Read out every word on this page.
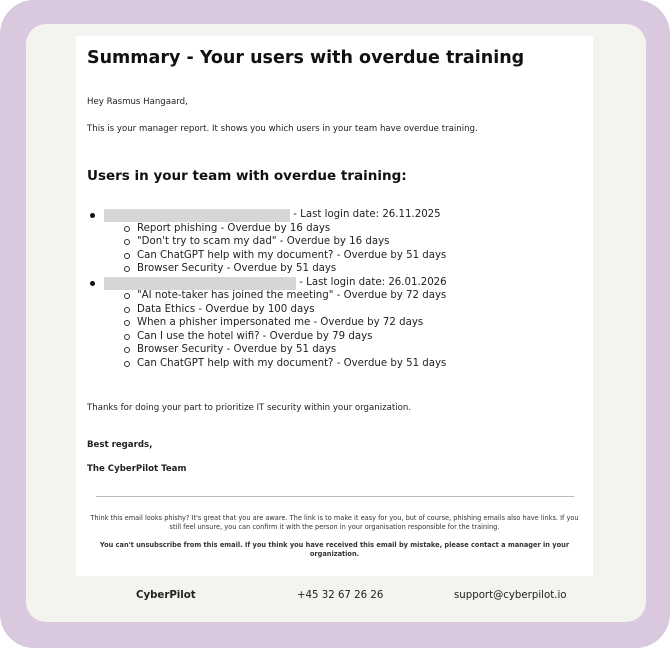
Summary - Your users with overdue training

Hey Rasmus Hangaard,

This is your manager report. It shows you which users in your team have overdue training.

Users in your team with overdue training:
- Last login date: 26.11.2025
Report phishing - Overdue by 16 days
"Don't try to scam my dad" - Overdue by 16 days
Can ChatGPT help with my document? - Overdue by 51 days
Browser Security - Overdue by 51 days
- Last login date: 26.01.2026
"AI note-taker has joined the meeting" - Overdue by 72 days
Data Ethics - Overdue by 100 days
When a phisher impersonated me - Overdue by 72 days
Can I use the hotel wifi? - Overdue by 79 days
Browser Security - Overdue by 51 days
Can ChatGPT help with my document? - Overdue by 51 days

Thanks for doing your part to prioritize IT security within your organization.

Best regards,

The CyberPilot Team

Think this email looks phishy? It's great that you are aware. The link is to make it easy for you, but of course, phishing emails also have links. If you still feel unsure, you can confirm it with the person in your organisation responsible for the training.

You can't unsubscribe from this email. If you think you have received this email by mistake, please contact a manager in your organization.

CyberPilot	+45 32 67 26 26	support@cyberpilot.io
